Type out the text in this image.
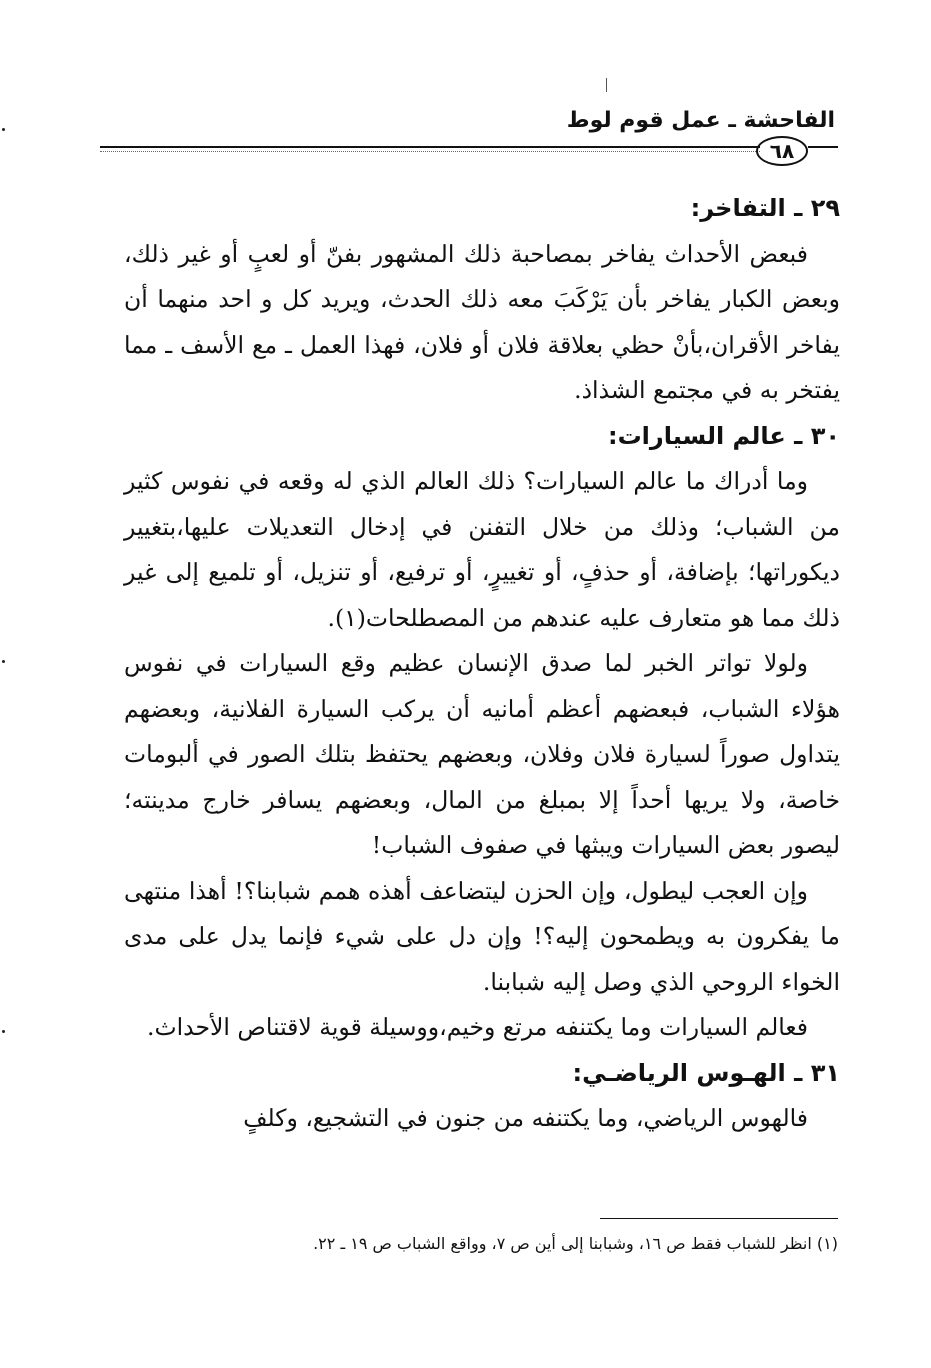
الفاحشة ـ عمل قوم لوط
٦٨
٢٩ ـ التفاخر:

فبعض الأحداث يفاخر بمصاحبة ذلك المشهور بفنّ أو لعبٍ أو غير ذلك، وبعض الكبار يفاخر بأن يَرْكَبَ معه ذلك الحدث، ويريد كل و احد منهما أن يفاخر الأقران،بأنْ حظي بعلاقة فلان أو فلان، فهذا العمل ـ مع الأسف ـ مما يفتخر به في مجتمع الشذاذ.

٣٠ ـ عالم السيارات:

وما أدراك ما عالم السيارات؟ ذلك العالم الذي له وقعه في نفوس كثير من الشباب؛ وذلك من خلال التفنن في إدخال التعديلات عليها،بتغيير ديكوراتها؛ بإضافة، أو حذفٍ، أو تغييرٍ، أو ترفيع، أو تنزيل، أو تلميع إلى غير ذلك مما هو متعارف عليه عندهم من المصطلحات(١).

ولولا تواتر الخبر لما صدق الإنسان عظيم وقع السيارات في نفوس هؤلاء الشباب، فبعضهم أعظم أمانيه أن يركب السيارة الفلانية، وبعضهم يتداول صوراً لسيارة فلان وفلان، وبعضهم يحتفظ بتلك الصور في ألبومات خاصة، ولا يريها أحداً إلا بمبلغ من المال، وبعضهم يسافر خارج مدينته؛ ليصور بعض السيارات ويبثها في صفوف الشباب!

وإن العجب ليطول، وإن الحزن ليتضاعف أهذه همم شبابنا؟! أهذا منتهى ما يفكرون به ويطمحون إليه؟! وإن دل على شيء فإنما يدل على مدى الخواء الروحي الذي وصل إليه شبابنا.

فعالم السيارات وما يكتنفه مرتع وخيم،ووسيلة قوية لاقتناص الأحداث.

٣١ ـ الهـوس الرياضـي:

فالهوس الرياضي، وما يكتنفه من جنون في التشجيع، وكلفٍ

(١) انظر للشباب فقط ص ١٦، وشبابنا إلى أين ص ٧، وواقع الشباب ص ١٩ ـ ٢٢.
